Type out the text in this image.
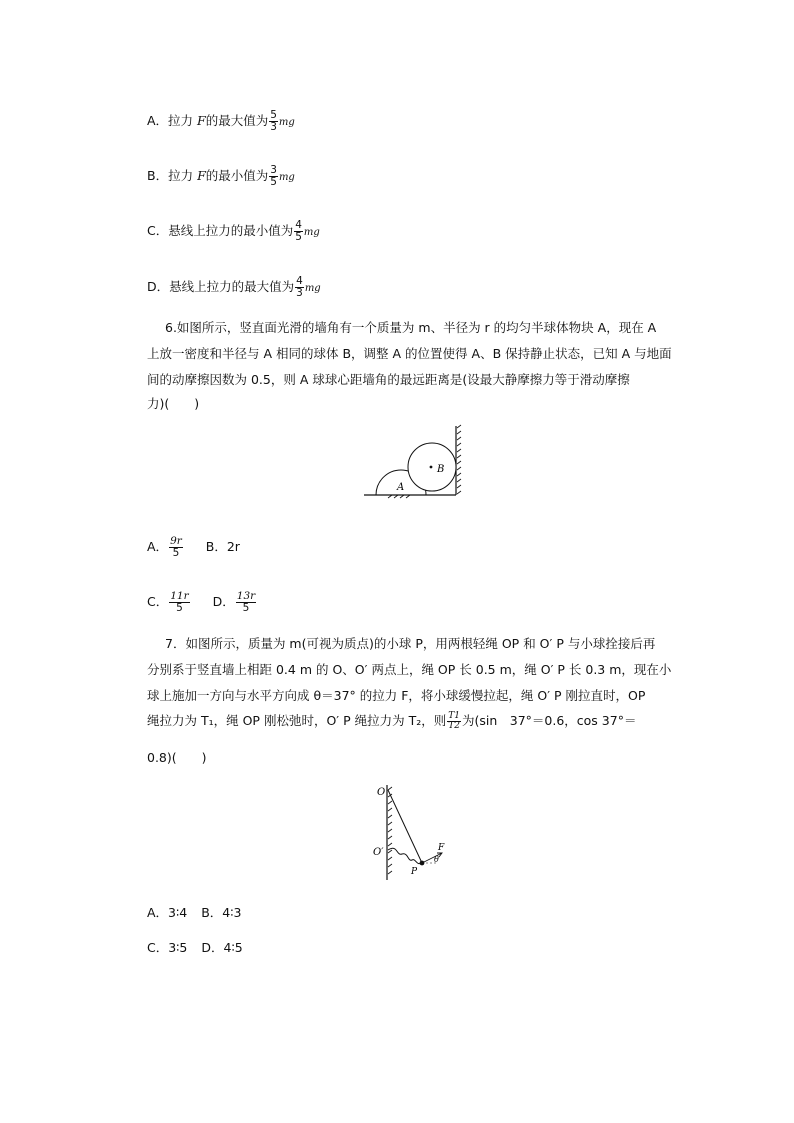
A．拉力 F的最大值为 $\frac{5}{3}$ mg
B．拉力 F的最小值为 $\frac{3}{5}$ mg
C．悬线上拉力的最小值为 $\frac{4}{5}$ mg
D．悬线上拉力的最大值为 $\frac{4}{3}$ mg
6.如图所示，竖直面光滑的墙角有一个质量为 m、半径为 r 的均匀半球体物块 A，现在 A
上放一密度和半径与 A 相同的球体 B，调整 A 的位置使得 A、B 保持静止状态，已知 A 与地面
间的动摩擦因数为 0.5，则 A 球球心距墙角的最远距离是(设最大静摩擦力等于滑动摩擦
力)(　　)
A
B
A． $\frac{9r}{5}$ B．2r
C． $\frac{11r}{5}$ D． $\frac{13r}{5}$
7．如图所示，质量为 m(可视为质点)的小球 P，用两根轻绳 OP 和 O′ P 与小球拴接后再
分别系于竖直墙上相距 0.4 m 的 O、O′ 两点上，绳 OP 长 0.5 m，绳 O′ P 长 0.3 m，现在小
球上施加一方向与水平方向成 θ＝37° 的拉力 F，将小球缓慢拉起，绳 O′ P 刚拉直时，OP
绳拉力为 T₁，绳 OP 刚松弛时，O′ P 绳拉力为 T₂，则 $\frac{T1}{T2}$ 为(sin　37°＝0.6，cos 37°＝
0.8)(　　)
O
O′
P
F
θ
A．3∶4 B．4∶3
C．3∶5 D．4∶5
